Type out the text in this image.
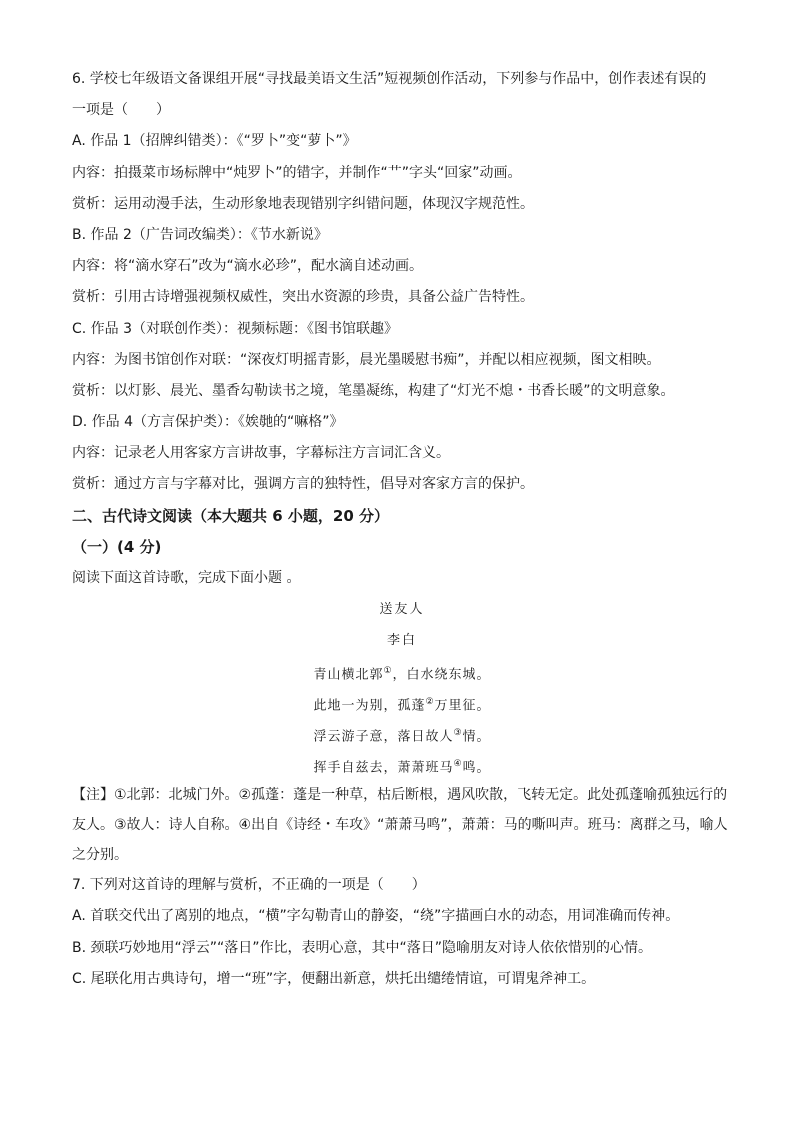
6. 学校七年级语文备课组开展“寻找最美语文生活”短视频创作活动，下列参与作品中，创作表述有误的
一项是（　　）
A. 作品 1（招牌纠错类）：《“罗卜”变“萝卜”》
内容：拍摄菜市场标牌中“炖罗卜”的错字，并制作“艹”字头“回家”动画。
赏析：运用动漫手法，生动形象地表现错别字纠错问题，体现汉字规范性。
B. 作品 2（广告词改编类）：《节水新说》
内容：将“滴水穿石”改为“滴水必珍”，配水滴自述动画。
赏析：引用古诗增强视频权威性，突出水资源的珍贵，具备公益广告特性。
C. 作品 3（对联创作类）：视频标题：《图书馆联趣》
内容：为图书馆创作对联：“深夜灯明摇青影，晨光墨暖慰书痴”，并配以相应视频，图文相映。
赏析：以灯影、晨光、墨香勾勒读书之境，笔墨凝练，构建了“灯光不熄・书香长暖”的文明意象。
D. 作品 4（方言保护类）：《娭毑的“嘛格”》
内容：记录老人用客家方言讲故事，字幕标注方言词汇含义。
赏析：通过方言与字幕对比，强调方言的独特性，倡导对客家方言的保护。
二、古代诗文阅读（本大题共 6 小题，20 分）
（一）(4 分)
阅读下面这首诗歌，完成下面小题 。
送友人
李白
青山横北郭①，白水绕东城。
此地一为别，孤蓬②万里征。
浮云游子意，落日故人③情。
挥手自兹去，萧萧班马④鸣。
【注】①北郭：北城门外。②孤蓬：蓬是一种草，枯后断根，遇风吹散，飞转无定。此处孤蓬喻孤独远行的友人。③故人：诗人自称。④出自《诗经・车攻》“萧萧马鸣”，萧萧：马的嘶叫声。班马：离群之马，喻人之分别。
7. 下列对这首诗的理解与赏析，不正确的一项是（　　）
A. 首联交代出了离别的地点，“横”字勾勒青山的静姿，“绕”字描画白水的动态，用词准确而传神。
B. 颈联巧妙地用“浮云”“落日”作比，表明心意，其中“落日”隐喻朋友对诗人依依惜别的心情。
C. 尾联化用古典诗句，增一“班”字，便翻出新意，烘托出缱绻情谊，可谓鬼斧神工。
